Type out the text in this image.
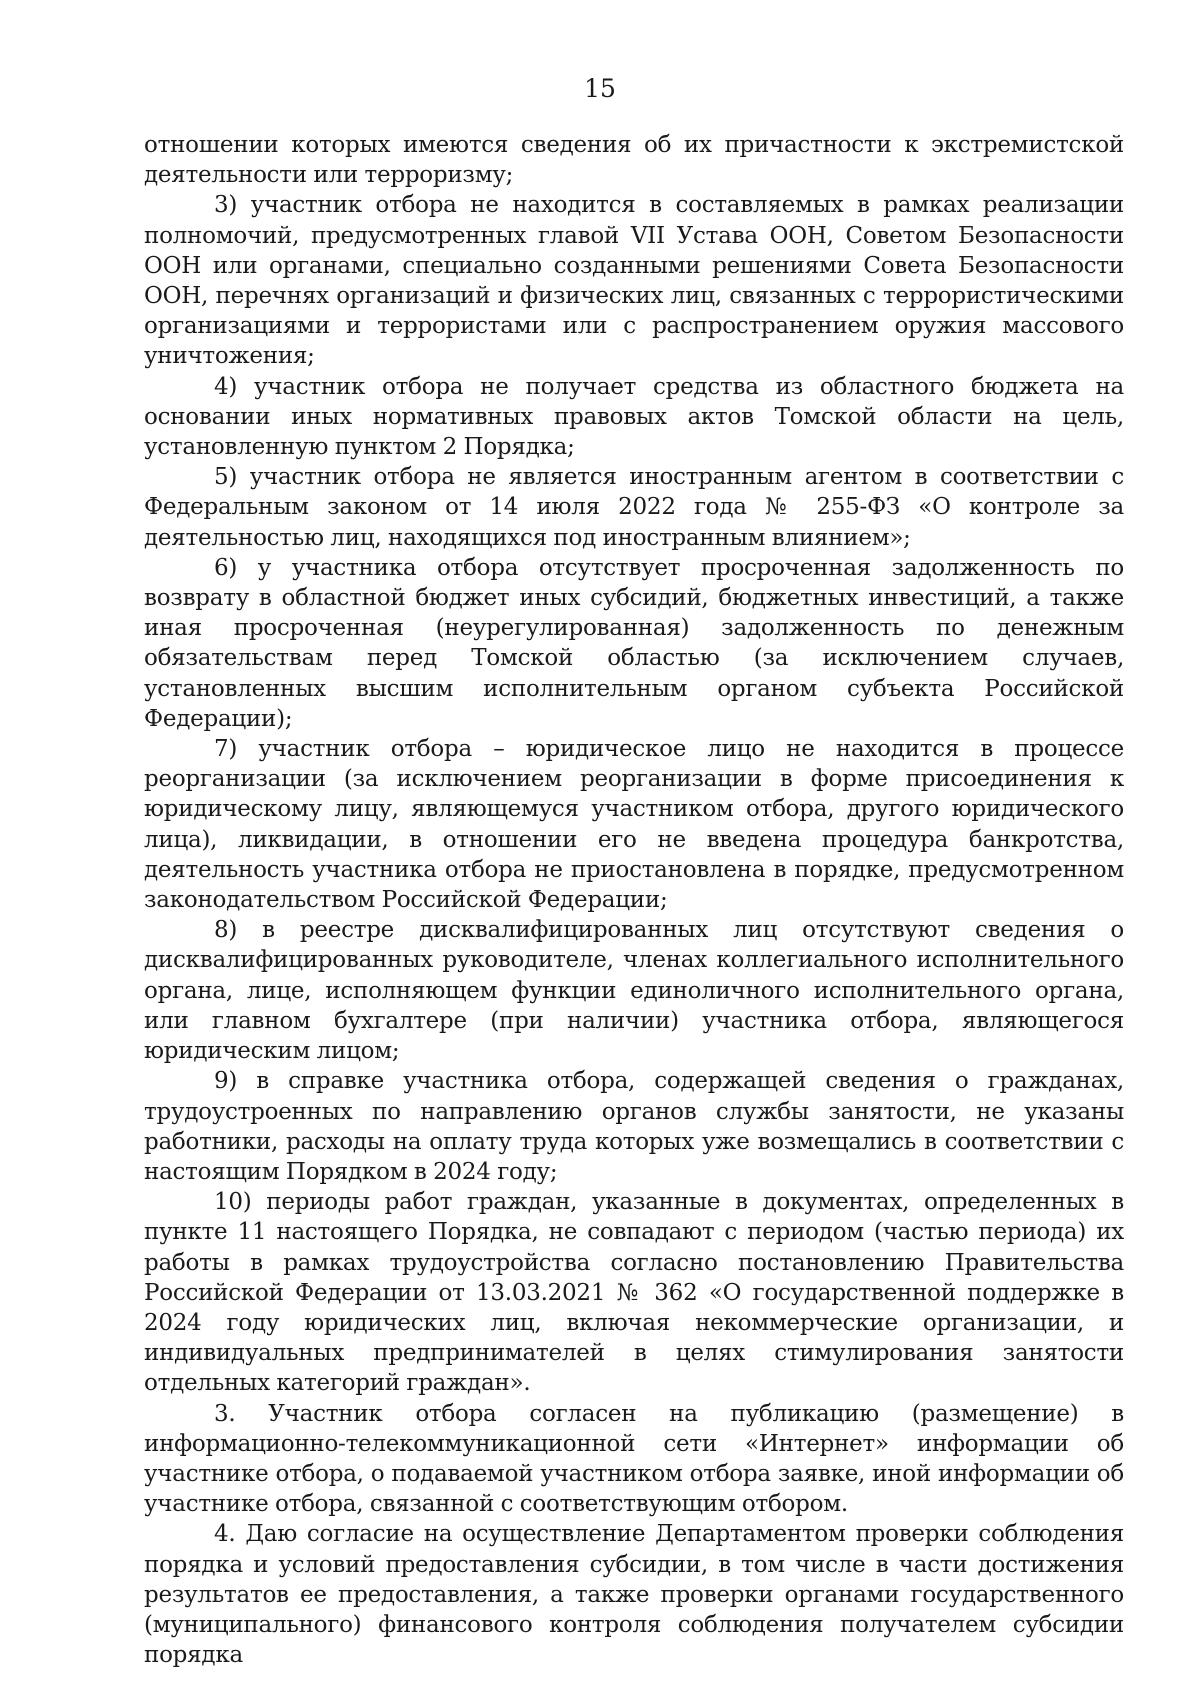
15

отношении которых имеются сведения об их причастности к экстремистской деятельности или терроризму;

3) участник отбора не находится в составляемых в рамках реализации полномочий, предусмотренных главой VII Устава ООН, Советом Безопасности ООН или органами, специально созданными решениями Совета Безопасности ООН, перечнях организаций и физических лиц, связанных с террористическими организациями и террористами или с распространением оружия массового уничтожения;

4) участник отбора не получает средства из областного бюджета на основании иных нормативных правовых актов Томской области на цель, установленную пунктом 2 Порядка;

5) участник отбора не является иностранным агентом в соответствии с Федеральным законом от 14 июля 2022 года № 255-ФЗ «О контроле за деятельностью лиц, находящихся под иностранным влиянием»;

6) у участника отбора отсутствует просроченная задолженность по возврату в областной бюджет иных субсидий, бюджетных инвестиций, а также иная просроченная (неурегулированная) задолженность по денежным обязательствам перед Томской областью (за исключением случаев, установленных высшим исполнительным органом субъекта Российской Федерации);

7) участник отбора – юридическое лицо не находится в процессе реорганизации (за исключением реорганизации в форме присоединения к юридическому лицу, являющемуся участником отбора, другого юридического лица), ликвидации, в отношении его не введена процедура банкротства, деятельность участника отбора не приостановлена в порядке, предусмотренном законодательством Российской Федерации;

8) в реестре дисквалифицированных лиц отсутствуют сведения о дисквалифицированных руководителе, членах коллегиального исполнительного органа, лице, исполняющем функции единоличного исполнительного органа, или главном бухгалтере (при наличии) участника отбора, являющегося юридическим лицом;

9) в справке участника отбора, содержащей сведения о гражданах, трудоустроенных по направлению органов службы занятости, не указаны работники, расходы на оплату труда которых уже возмещались в соответствии с настоящим Порядком в 2024 году;

10) периоды работ граждан, указанные в документах, определенных в пункте 11 настоящего Порядка, не совпадают с периодом (частью периода) их работы в рамках трудоустройства согласно постановлению Правительства Российской Федерации от 13.03.2021 № 362 «О государственной поддержке в 2024 году юридических лиц, включая некоммерческие организации, и индивидуальных предпринимателей в целях стимулирования занятости отдельных категорий граждан».

3. Участник отбора согласен на публикацию (размещение) в информационно-телекоммуникационной сети «Интернет» информации об участнике отбора, о подаваемой участником отбора заявке, иной информации об участнике отбора, связанной с соответствующим отбором.

4. Даю согласие на осуществление Департаментом проверки соблюдения порядка и условий предоставления субсидии, в том числе в части достижения результатов ее предоставления, а также проверки органами государственного (муниципального) финансового контроля соблюдения получателем субсидии порядка
